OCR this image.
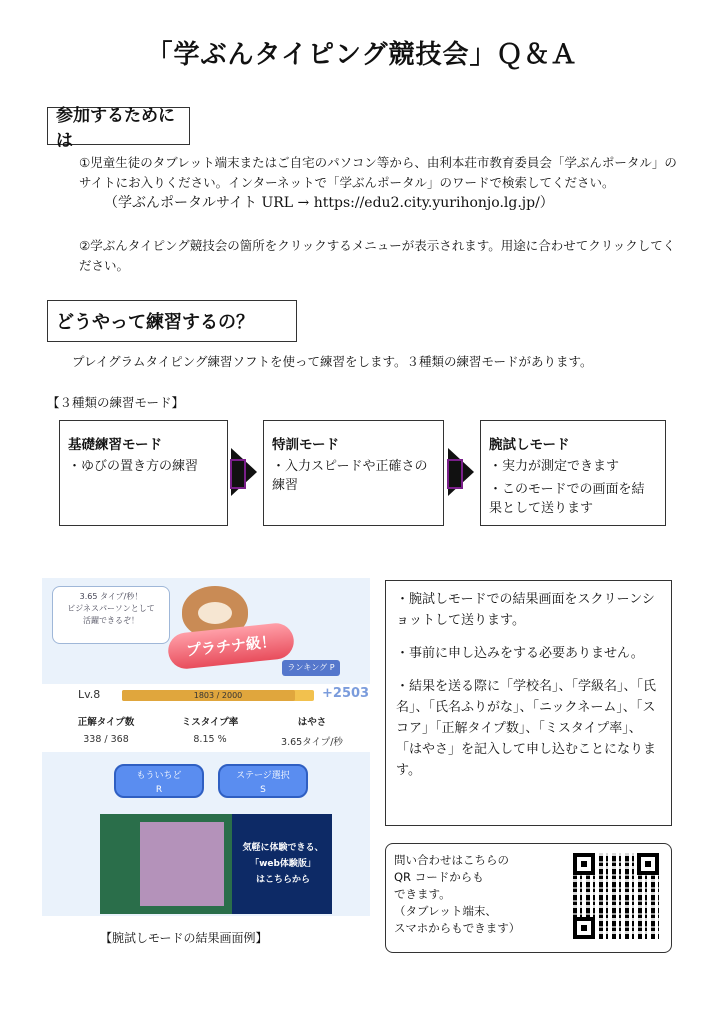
「学ぶんタイピング競技会」Ｑ＆Ａ
参加するためには
①児童生徒のタブレット端末またはご自宅のパソコン等から、由利本荘市教育委員会「学ぶんポータル」のサイトにお入りください。インターネットで「学ぶんポータル」のワードで検索してください。
（学ぶんポータルサイト URL → https://edu2.city.yurihonjo.lg.jp/）
②学ぶんタイピング競技会の箇所をクリックするメニューが表示されます。用途に合わせてクリックしてください。
どうやって練習するの？
プレイグラムタイピング練習ソフトを使って練習をします。３種類の練習モードがあります。
【３種類の練習モード】
基礎練習モード
・ゆびの置き方の練習
特訓モード
・入力スピードや正確さの練習
腕試しモード
・実力が測定できます
・このモードでの画面を結果として送ります
3.65 タイプ/秒！
ビジネスパーソンとして
活躍できるぞ！
プラチナ級！
ランキング P
Lv.8	1803 / 2000	+2503
正解タイプ数
338 / 368
ミスタイプ率
8.15 %
はやさ
3.65タイプ/秒
もういちど
R
ステージ選択
S
気軽に体験できる、
「web体験版」
はこちらから
【腕試しモードの結果画面例】

・腕試しモードでの結果画面をスクリーンショットして送ります。

・事前に申し込みをする必要ありません。

・結果を送る際に「学校名」、「学級名」、「氏名」、「氏名ふりがな」、「ニックネーム」、「スコア」「正解タイプ数」、「ミスタイプ率」、「はやさ」を記入して申し込むことになります。

問い合わせはこちらの
QR コードからも
できます。
（タブレット端末、
スマホからもできます）
